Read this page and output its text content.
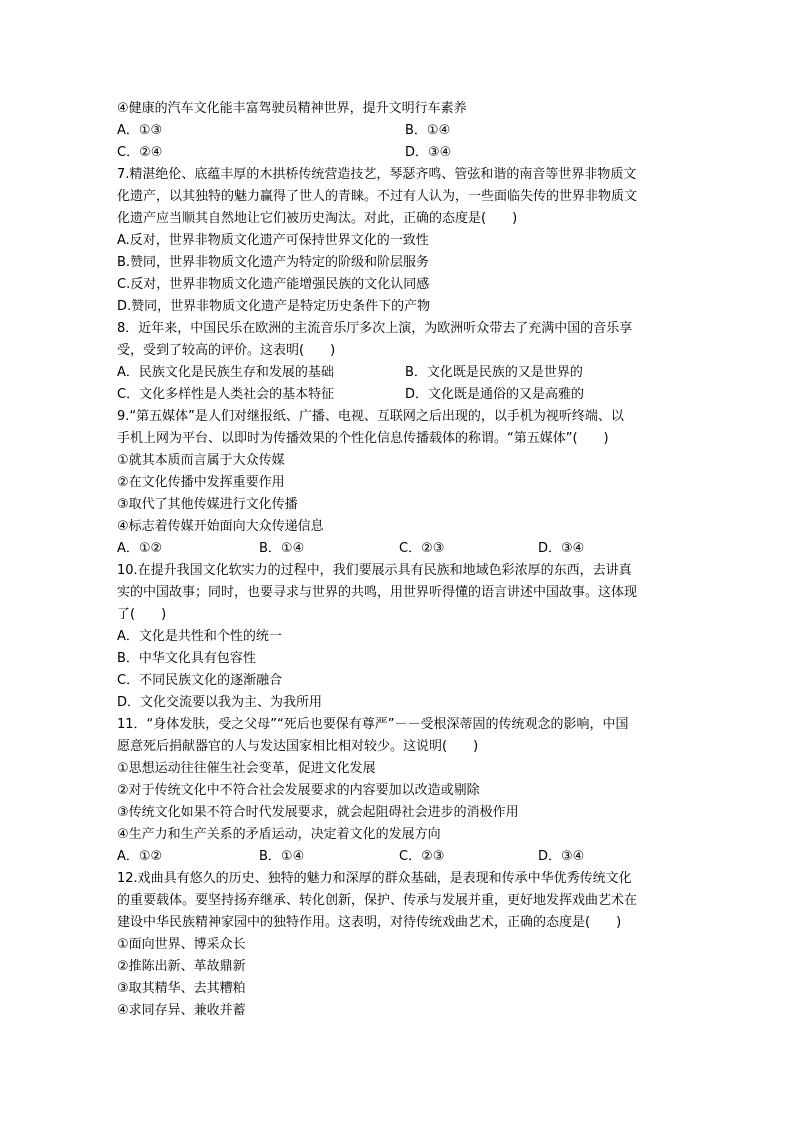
④健康的汽车文化能丰富驾驶员精神世界，提升文明行车素养
A．①③	B．①④
C．②④	D．③④
7.精湛绝伦、底蕴丰厚的木拱桥传统营造技艺，琴瑟齐鸣、管弦和谐的南音等世界非物质文
化遗产，以其独特的魅力赢得了世人的青睐。不过有人认为，一些面临失传的世界非物质文
化遗产应当顺其自然地让它们被历史淘汰。对此，正确的态度是(　　)
A.反对，世界非物质文化遗产可保持世界文化的一致性
B.赞同，世界非物质文化遗产为特定的阶级和阶层服务
C.反对，世界非物质文化遗产能增强民族的文化认同感
D.赞同，世界非物质文化遗产是特定历史条件下的产物
8．近年来，中国民乐在欧洲的主流音乐厅多次上演，为欧洲听众带去了充满中国的音乐享
受，受到了较高的评价。这表明(　　)
A．民族文化是民族生存和发展的基础	B．文化既是民族的又是世界的
C．文化多样性是人类社会的基本特征	D．文化既是通俗的又是高雅的
9.“第五媒体”是人们对继报纸、广播、电视、互联网之后出现的，以手机为视听终端、以
手机上网为平台、以即时为传播效果的个性化信息传播载体的称谓。“第五媒体”(　　)
①就其本质而言属于大众传媒
②在文化传播中发挥重要作用
③取代了其他传媒进行文化传播
④标志着传媒开始面向大众传递信息
A．①②	B．①④	C．②③	D．③④
10.在提升我国文化软实力的过程中，我们要展示具有民族和地域色彩浓厚的东西，去讲真
实的中国故事；同时，也要寻求与世界的共鸣，用世界听得懂的语言讲述中国故事。这体现
了(　　)
A．文化是共性和个性的统一
B．中华文化具有包容性
C．不同民族文化的逐渐融合
D．文化交流要以我为主、为我所用
11．“身体发肤，受之父母”“死后也要保有尊严”－－受根深蒂固的传统观念的影响，中国
愿意死后捐献器官的人与发达国家相比相对较少。这说明(　　)
①思想运动往往催生社会变革，促进文化发展
②对于传统文化中不符合社会发展要求的内容要加以改造或剔除
③传统文化如果不符合时代发展要求，就会起阻碍社会进步的消极作用
④生产力和生产关系的矛盾运动，决定着文化的发展方向
A．①②	B．①④	C．②③	D．③④
12.戏曲具有悠久的历史、独特的魅力和深厚的群众基础，是表现和传承中华优秀传统文化
的重要载体。要坚持扬弃继承、转化创新，保护、传承与发展并重，更好地发挥戏曲艺术在
建设中华民族精神家园中的独特作用。这表明，对待传统戏曲艺术，正确的态度是(　　)
①面向世界、博采众长
②推陈出新、革故鼎新
③取其精华、去其糟粕
④求同存异、兼收并蓄
